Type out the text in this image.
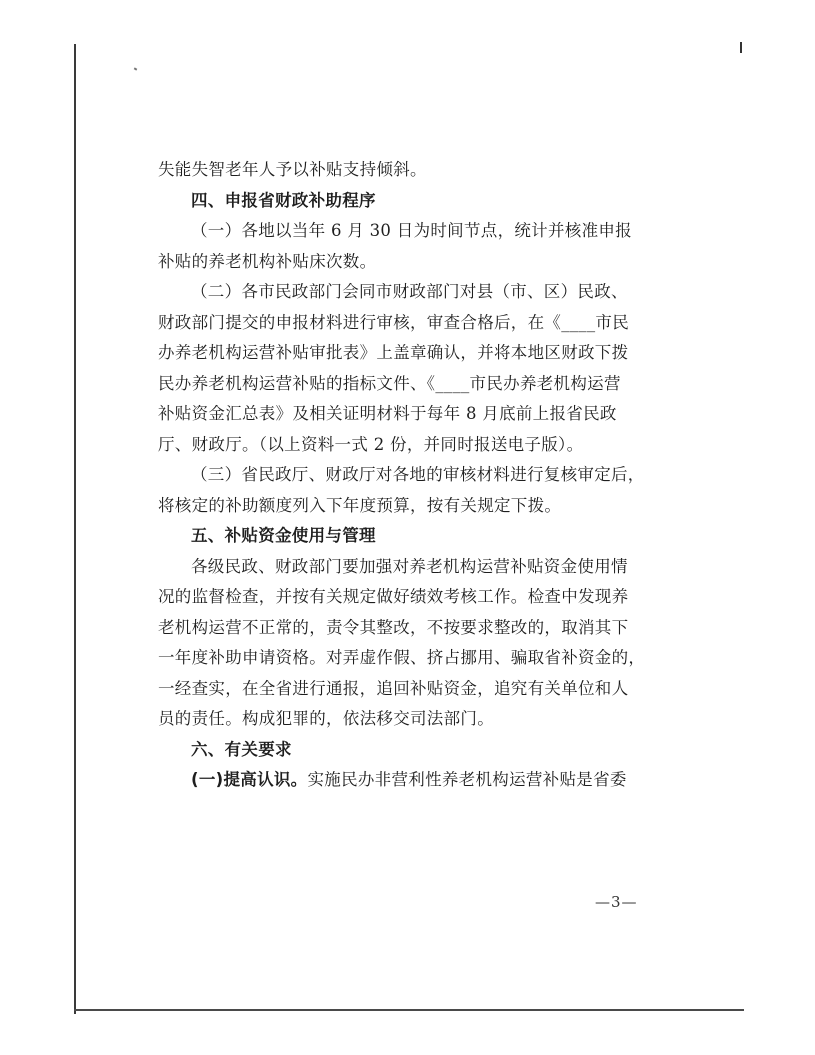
失能失智老年人予以补贴支持倾斜。
四、申报省财政补助程序
（一）各地以当年 6 月 30 日为时间节点，统计并核准申报
补贴的养老机构补贴床次数。
（二）各市民政部门会同市财政部门对县（市、区）民政、
财政部门提交的申报材料进行审核，审查合格后，在《____市民
办养老机构运营补贴审批表》上盖章确认，并将本地区财政下拨
民办养老机构运营补贴的指标文件、《____市民办养老机构运营
补贴资金汇总表》及相关证明材料于每年 8 月底前上报省民政
厅、财政厅。（以上资料一式 2 份，并同时报送电子版）。
（三）省民政厅、财政厅对各地的审核材料进行复核审定后，
将核定的补助额度列入下年度预算，按有关规定下拨。
五、补贴资金使用与管理
各级民政、财政部门要加强对养老机构运营补贴资金使用情
况的监督检查，并按有关规定做好绩效考核工作。检查中发现养
老机构运营不正常的，责令其整改，不按要求整改的，取消其下
一年度补助申请资格。对弄虚作假、挤占挪用、骗取省补资金的，
一经查实，在全省进行通报，追回补贴资金，追究有关单位和人
员的责任。构成犯罪的，依法移交司法部门。
六、有关要求
(一)提高认识。实施民办非营利性养老机构运营补贴是省委
—3—
